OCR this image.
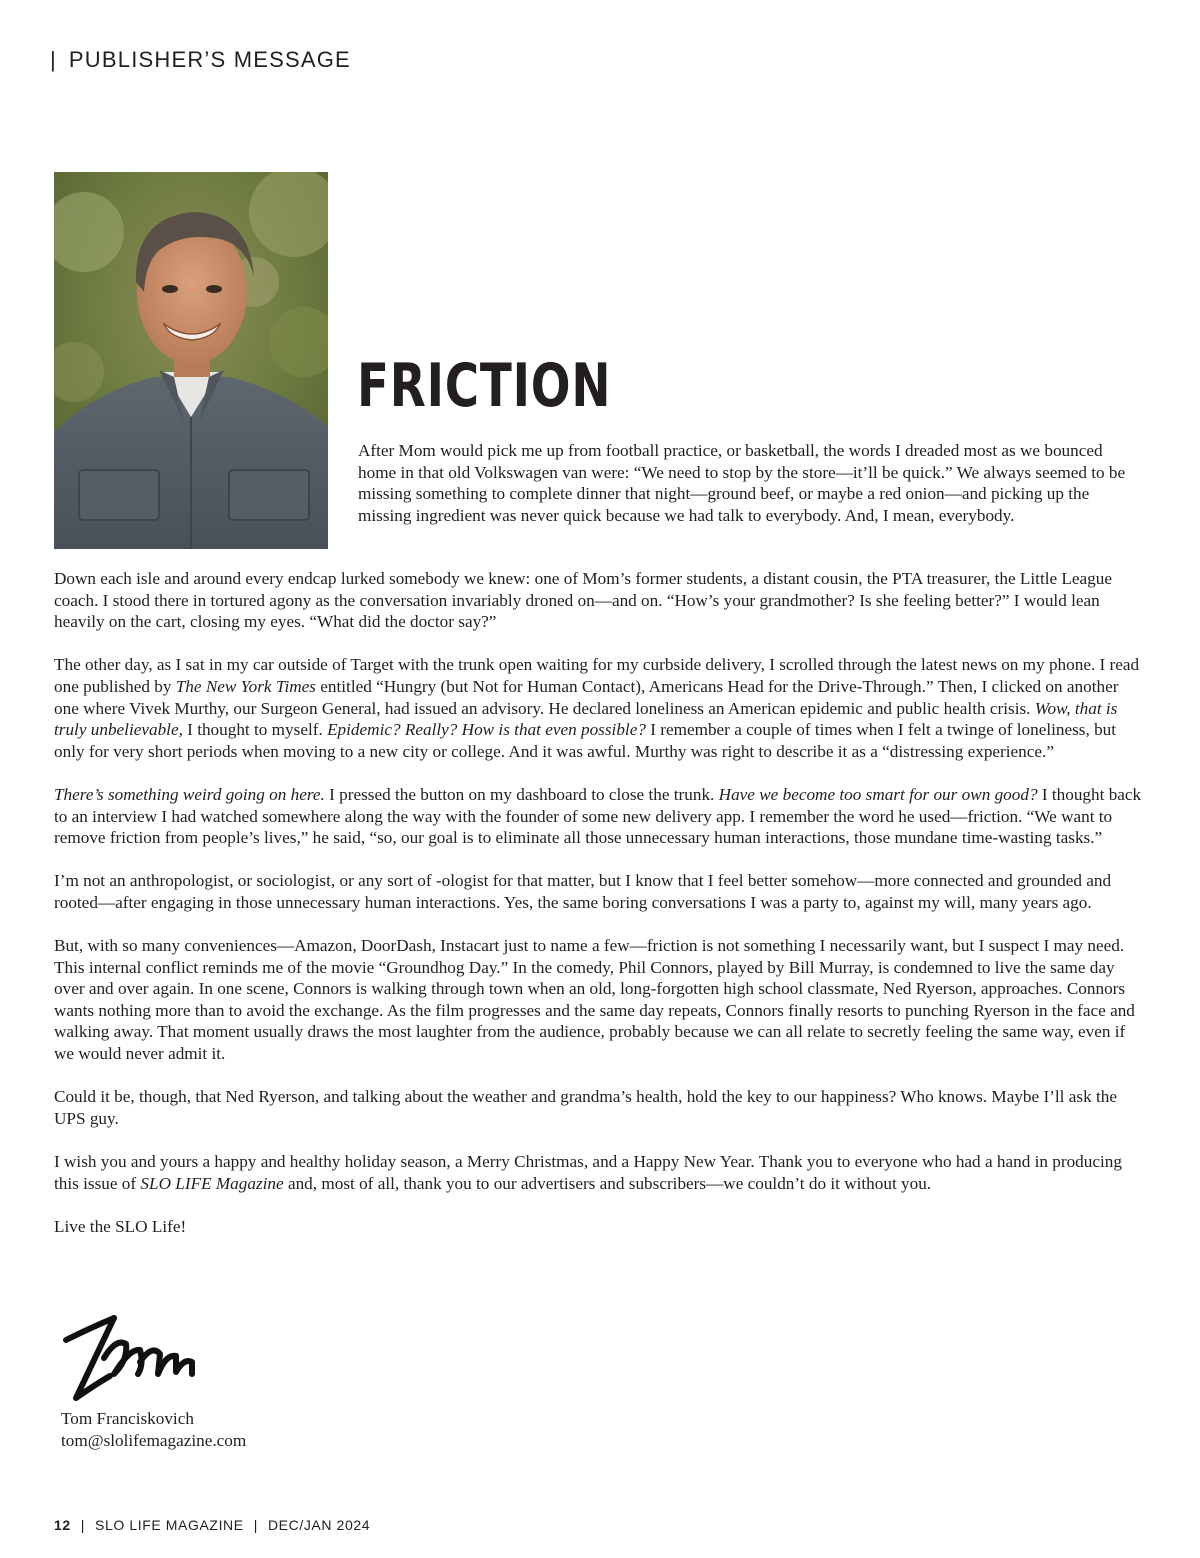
| PUBLISHER’S MESSAGE
FRICTION

After Mom would pick me up from football practice, or basketball, the words I dreaded most as we bounced home in that old Volkswagen van were: “We need to stop by the store—it’ll be quick.” We always seemed to be missing something to complete dinner that night—ground beef, or maybe a red onion—and picking up the missing ingredient was never quick because we had talk to everybody. And, I mean, everybody.

Down each isle and around every endcap lurked somebody we knew: one of Mom’s former students, a distant cousin, the PTA treasurer, the Little League coach. I stood there in tortured agony as the conversation invariably droned on—and on. “How’s your grandmother? Is she feeling better?” I would lean heavily on the cart, closing my eyes. “What did the doctor say?”

The other day, as I sat in my car outside of Target with the trunk open waiting for my curbside delivery, I scrolled through the latest news on my phone. I read one published by The New York Times entitled “Hungry (but Not for Human Contact), Americans Head for the Drive-Through.” Then, I clicked on another one where Vivek Murthy, our Surgeon General, had issued an advisory. He declared loneliness an American epidemic and public health crisis. Wow, that is truly unbelievable, I thought to myself. Epidemic? Really? How is that even possible? I remember a couple of times when I felt a twinge of loneliness, but only for very short periods when moving to a new city or college. And it was awful. Murthy was right to describe it as a “distressing experience.”

There’s something weird going on here. I pressed the button on my dashboard to close the trunk. Have we become too smart for our own good? I thought back to an interview I had watched somewhere along the way with the founder of some new delivery app. I remember the word he used—friction. “We want to remove friction from people’s lives,” he said, “so, our goal is to eliminate all those unnecessary human interactions, those mundane time-wasting tasks.”

I’m not an anthropologist, or sociologist, or any sort of -ologist for that matter, but I know that I feel better somehow—more connected and grounded and rooted—after engaging in those unnecessary human interactions. Yes, the same boring conversations I was a party to, against my will, many years ago.

But, with so many conveniences—Amazon, DoorDash, Instacart just to name a few—friction is not something I necessarily want, but I suspect I may need. This internal conflict reminds me of the movie “Groundhog Day.” In the comedy, Phil Connors, played by Bill Murray, is condemned to live the same day over and over again. In one scene, Connors is walking through town when an old, long-forgotten high school classmate, Ned Ryerson, approaches. Connors wants nothing more than to avoid the exchange. As the film progresses and the same day repeats, Connors finally resorts to punching Ryerson in the face and walking away. That moment usually draws the most laughter from the audience, probably because we can all relate to secretly feeling the same way, even if we would never admit it.

Could it be, though, that Ned Ryerson, and talking about the weather and grandma’s health, hold the key to our happiness? Who knows. Maybe I’ll ask the UPS guy.

I wish you and yours a happy and healthy holiday season, a Merry Christmas, and a Happy New Year. Thank you to everyone who had a hand in producing this issue of SLO LIFE Magazine and, most of all, thank you to our advertisers and subscribers—we couldn’t do it without you.

Live the SLO Life!

Tom Franciskovich
tom@slolifemagazine.com
12 | SLO LIFE MAGAZINE | DEC/JAN 2024
